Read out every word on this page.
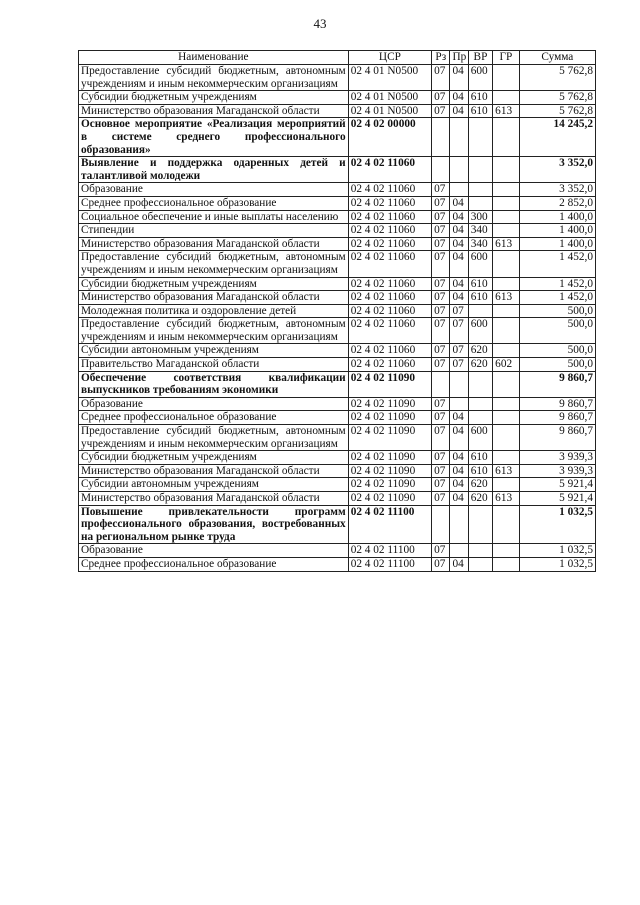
43
Наименование	ЦСР	Рз	Пр	ВР	ГР	Сумма
Предоставление субсидий бюджетным, автономным учреждениям и иным некоммерческим организациям	02 4 01 N0500	07	04	600		5 762,8
Субсидии бюджетным учреждениям	02 4 01 N0500	07	04	610		5 762,8
Министерство образования Магаданской области	02 4 01 N0500	07	04	610	613	5 762,8
Основное мероприятие «Реализация мероприятий в системе среднего профессионального образования»	02 4 02 00000					14 245,2
Выявление и поддержка одаренных детей и талантливой молодежи	02 4 02 11060					3 352,0
Образование	02 4 02 11060	07				3 352,0
Среднее профессиональное образование	02 4 02 11060	07	04			2 852,0
Социальное обеспечение и иные выплаты населению	02 4 02 11060	07	04	300		1 400,0
Стипендии	02 4 02 11060	07	04	340		1 400,0
Министерство образования Магаданской области	02 4 02 11060	07	04	340	613	1 400,0
Предоставление субсидий бюджетным, автономным учреждениям и иным некоммерческим организациям	02 4 02 11060	07	04	600		1 452,0
Субсидии бюджетным учреждениям	02 4 02 11060	07	04	610		1 452,0
Министерство образования Магаданской области	02 4 02 11060	07	04	610	613	1 452,0
Молодежная политика и оздоровление детей	02 4 02 11060	07	07			500,0
Предоставление субсидий бюджетным, автономным учреждениям и иным некоммерческим организациям	02 4 02 11060	07	07	600		500,0
Субсидии автономным учреждениям	02 4 02 11060	07	07	620		500,0
Правительство Магаданской области	02 4 02 11060	07	07	620	602	500,0
Обеспечение соответствия квалификации выпускников требованиям экономики	02 4 02 11090					9 860,7
Образование	02 4 02 11090	07				9 860,7
Среднее профессиональное образование	02 4 02 11090	07	04			9 860,7
Предоставление субсидий бюджетным, автономным учреждениям и иным некоммерческим организациям	02 4 02 11090	07	04	600		9 860,7
Субсидии бюджетным учреждениям	02 4 02 11090	07	04	610		3 939,3
Министерство образования Магаданской области	02 4 02 11090	07	04	610	613	3 939,3
Субсидии автономным учреждениям	02 4 02 11090	07	04	620		5 921,4
Министерство образования Магаданской области	02 4 02 11090	07	04	620	613	5 921,4
Повышение привлекательности программ профессионального образования, востребованных на региональном рынке труда	02 4 02 11100					1 032,5
Образование	02 4 02 11100	07				1 032,5
Среднее профессиональное образование	02 4 02 11100	07	04			1 032,5
